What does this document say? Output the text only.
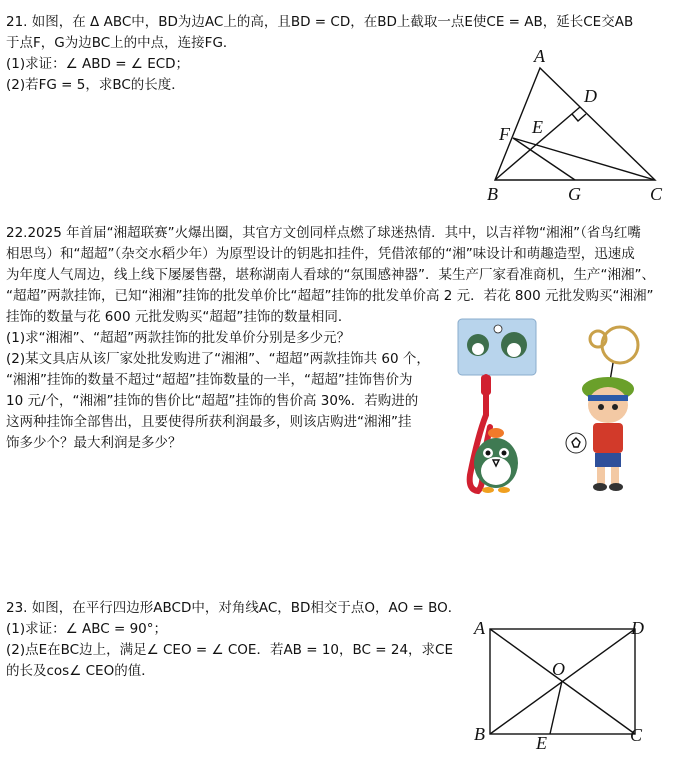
21. 如图，在 Δ ABC中，BD为边AC上的高，且BD = CD，在BD上截取一点E使CE = AB，延长CE交AB
于点F，G为边BC上的中点，连接FG．
(1)求证：∠ ABD = ∠ ECD；
(2)若FG = 5，求BC的长度．
A
D
E
F
B	G	C
22.2025 年首届“湘超联赛”火爆出圈，其官方文创同样点燃了球迷热情．其中，以吉祥物“湘湘”（省鸟红嘴
相思鸟）和“超超”（杂交水稻少年）为原型设计的钥匙扣挂件，凭借浓郁的“湘”味设计和萌趣造型，迅速成
为年度人气周边，线上线下屡屡售罄，堪称湖南人看球的“氛围感神器”．某生产厂家看准商机，生产“湘湘”、
“超超”两款挂饰，已知“湘湘”挂饰的批发单价比“超超”挂饰的批发单价高 2 元．若花 800 元批发购买“湘湘”
挂饰的数量与花 600 元批发购买“超超”挂饰的数量相同．
(1)求“湘湘”、“超超”两款挂饰的批发单价分别是多少元？
(2)某文具店从该厂家处批发购进了“湘湘”、“超超”两款挂饰共 60 个，
“湘湘”挂饰的数量不超过“超超”挂饰数量的一半，“超超”挂饰售价为
10 元/个，“湘湘”挂饰的售价比“超超”挂饰的售价高 30%．若购进的
这两种挂饰全部售出，且要使得所获利润最多，则该店购进“湘湘”挂
饰多少个？最大利润是多少？
23. 如图，在平行四边形ABCD中，对角线AC，BD相交于点O，AO = BO．
(1)求证：∠ ABC = 90°；
(2)点E在BC边上，满足∠ CEO = ∠ COE．若AB = 10，BC = 24，求CE
的长及cos∠ CEO的值．
A	D
O
B	C
E
